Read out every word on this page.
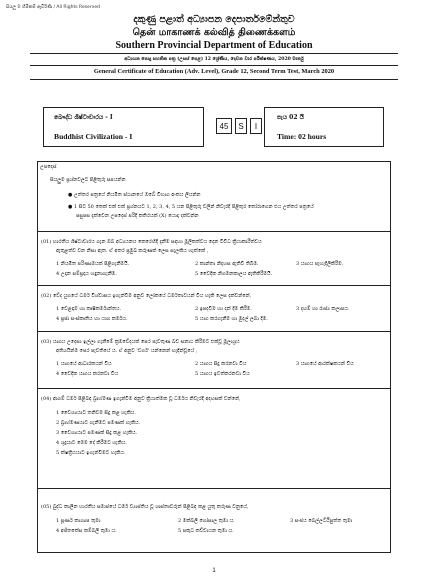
සියලු ම හිමිකම් ඇවිරිණි / All Rights Reserved
දකුණු පළාත් අධ්‍යාපන දෙපාර්තමේන්තුව
தென் மாகாணக் கல்வித் திணைக்களம்
Southern Provincial Department of Education
අධ්‍යයන පොදු සහතික පත්‍ර (උසස් පෙළ) 12 ශ්‍රේණිය, දෙවන වාර පරීක්ෂණය, 2020 මාර්තු
General Certificate of Education (Adv. Level), Grade 12, Second Term Test, March 2020
බෞද්ධ ශිෂ්ටාචාරය - I
Buddhist Civilization - I
45	S	I
පැය 02 යි
Time: 02 hours
උපදෙස්
සියලුම ප්‍රශ්නවලට පිළිතුරු සපයන්න
● උත්තර පත්‍රයේ නියමිත ස්ථානයේ ඔබේ විභාග අංකය ලියන්න
● 1 සිට 50 තෙක් එක් එක් ප්‍රශ්නයට 1, 2, 3, 4, 5 යන පිළිතුරු වලින් නිවැරදි පිළිතුර තෝරාගෙන එය උත්තර පත්‍රයේ
පසුපස දැක්වෙන උපදෙස් පරිදි කතිරයක් (X) යොදා දක්වන්න
(01) භාරතීය ශිෂ්ටාචාරය ගැන ඔබ අධ්‍යයනය කෙරෙහිදී දැනීම සඳහා මූලිකත්වය දෙන විවිධ ක්‍රියාකාරීත්වය
ඇතුළත්ව වන නිසා ඇත. ඒ අතර ප්‍රමුඛ කරුණක් ලෙස සැලකිය හැක්කේ ,
1 නියමිත පරිණාමයක් පිළිගැනීමයි.	2 කාන්තා නිදහස ඇතිවී තිබීම.	3 යාගය පැහැදිලිකිරීම.
4 උදාන සම්ප්‍රදාය හඳුනාගැනීම.	5 වෛදික නිගමනකාලය ඇතිකිරීමයි.
(02) වේද යුගයේ ධර්ම විශ්වාසය ඉගැන්වීම අනුව ලෝකයේ ධර්මතාවයන් විය හැකි ලෙස දක්වන්නේ,
1 වෙළඳාම හා කෘෂිකර්මාන්තය.	2 ඉපදවීම හා දන් දීම කිරීම.	3 දහම් හා රාජ්‍ය කලාපය.
4 ප්‍රජා සංස්කෘතිය හා යාග කර්මය.	5 යාග කරගැනීම හා මුදල් ලබා දීම.
(03) යාගය උදෙසා ඉල්ලා ගැනීමේ ක්‍රමවේදයක් පෙර පැවතුණ බව සනාථ කිරීමට එක්වූ මූලාශ්‍රය
අතිශයින්ම පෙර පැවතියේ ය. ඒ අනුව 'වර්ග' යන්නෙන් හැඳින්වූයේ ,
1 යාගයේ ආධාරකයන් විය	2 යාගය සිදු කරනවා විය	3 යාගයේ ආරක්ෂකයන් විය
4 වෛදික යාගය කරනවා විය	5 යාගය ඉවත්කරනවා විය
(04) ආගම් ධර්ම පිළිබඳ බ්‍රාහ්මණ ඉගැන්වීම අනුව ක්‍රියාත්මක වූ ධර්මය නිවැරදි අදහසක් වන්නේ,
1 වෛශ්‍යයාට තනිවම සිදු කළ හැකිය.
2 බ්‍රාහ්මණයාට ගැනීමට පමණක් හැකිය.
3 වෛශ්‍යයාට පමණක් සිදු කළ හැකිය.
4 ශූද්‍රයාට මෙම දේ කිරීමට හැකිය.
5 ක්ෂත්‍රියයාට ඉගැන්වීමට හැකිය.
(05) බුද්ධ කාලීන භාරතීය සමාජයේ ධර්ම ව්‍යාප්තිය වූ ශාස්තෘවරුන් පිළිබඳ කළ යුතු කරුණ වනුයේ,
1 පූර්ණ කාශ්‍යප තුමා	2 මක්ඛලී ගෝසාල තුමා ය.	3 සංජය බෙල්ලට්ඨිපුත්ත තුමා
4 අජිතකේස කම්බලී තුමා ය.	5 පකුධ කච්චායන තුමා ය.
1
